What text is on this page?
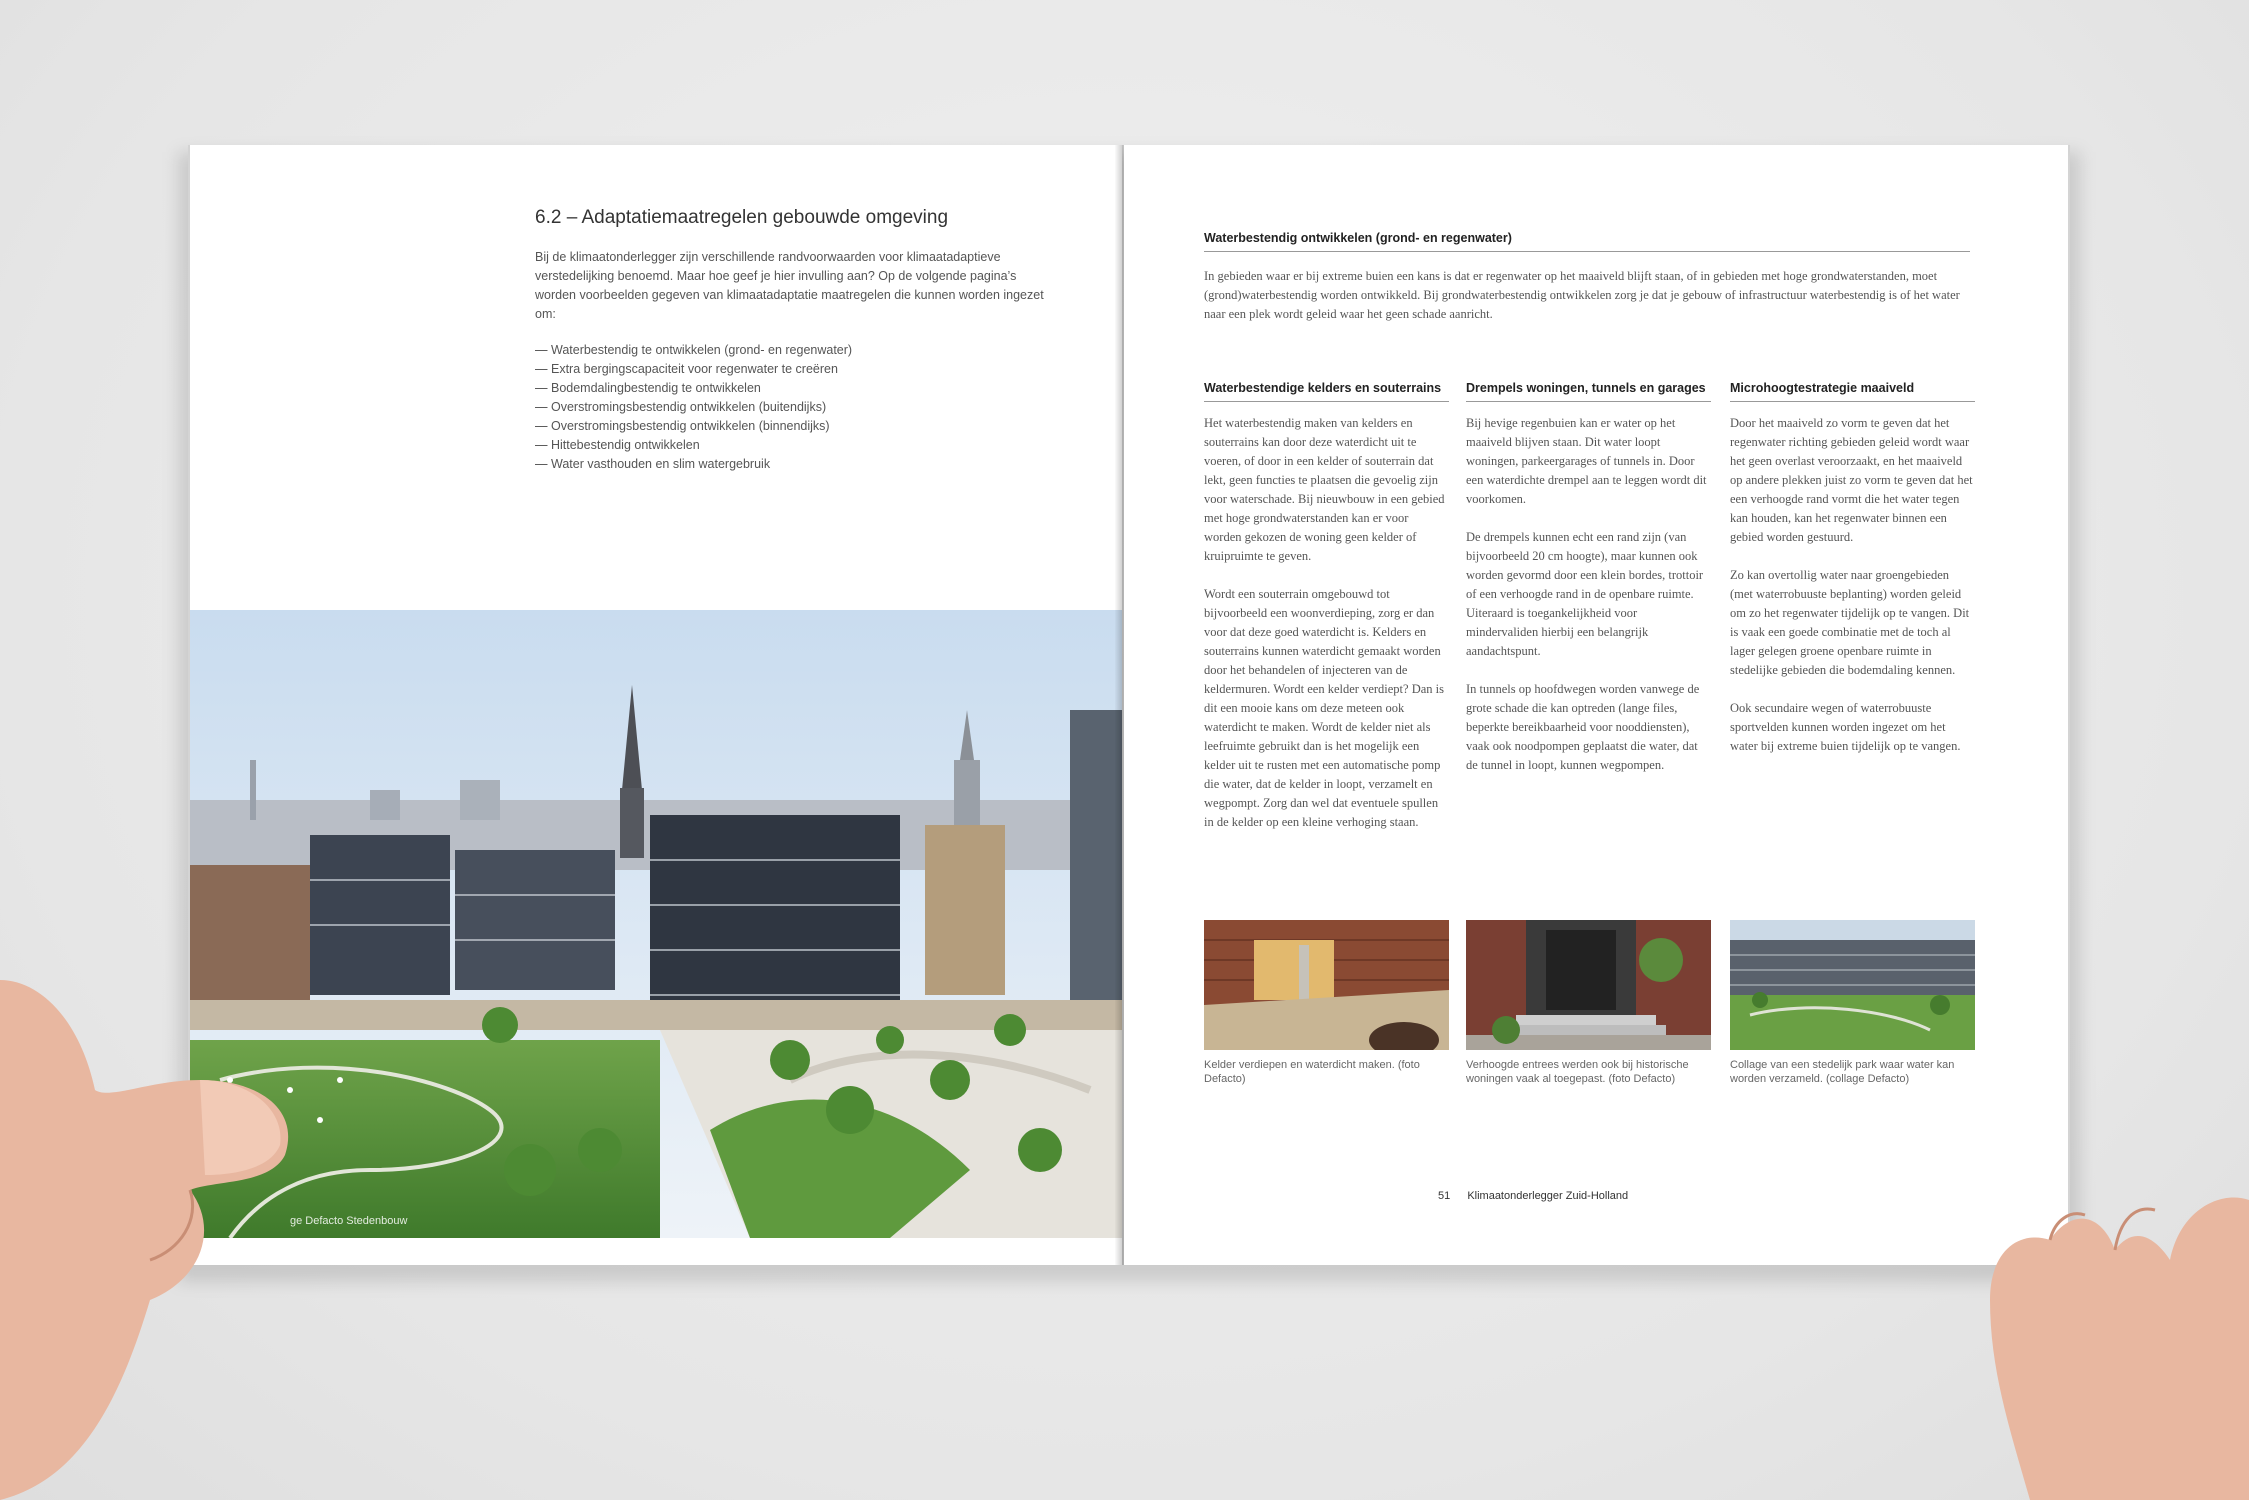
6.2 – Adaptatiemaatregelen gebouwde omgeving
Bij de klimaatonderlegger zijn verschillende randvoorwaarden voor klimaatadaptieve verstedelijking benoemd. Maar hoe geef je hier invulling aan? Op de volgende pagina’s worden voorbeelden gegeven van klimaatadaptatie maatregelen die kunnen worden ingezet om:
— Waterbestendig te ontwikkelen (grond- en regenwater)
— Extra bergingscapaciteit voor regenwater te creëren
— Bodemdalingbestendig te ontwikkelen
— Overstromingsbestendig ontwikkelen (buitendijks)
— Overstromingsbestendig ontwikkelen (binnendijks)
— Hittebestendig ontwikkelen
— Water vasthouden en slim watergebruik
ge Defacto Stedenbouw
Waterbestendig ontwikkelen (grond- en regenwater)
In gebieden waar er bij extreme buien een kans is dat er regenwater op het maaiveld blijft staan, of in gebieden met hoge grondwaterstanden, moet (grond)waterbestendig worden ontwikkeld. Bij grondwaterbestendig ontwikkelen zorg je dat je gebouw of infrastructuur waterbestendig is of het water naar een plek wordt geleid waar het geen schade aanricht.
Waterbestendige kelders en souterrains

Het waterbestendig maken van kelders en souterrains kan door deze waterdicht uit te voeren, of door in een kelder of souterrain dat lekt, geen functies te plaatsen die gevoelig zijn voor waterschade. Bij nieuwbouw in een gebied met hoge grondwaterstanden kan er voor worden gekozen de woning geen kelder of kruipruimte te geven.

Wordt een souterrain omgebouwd tot bijvoorbeeld een woonverdieping, zorg er dan voor dat deze goed waterdicht is. Kelders en souterrains kunnen waterdicht gemaakt worden door het behandelen of injecteren van de keldermuren. Wordt een kelder verdiept? Dan is dit een mooie kans om deze meteen ook waterdicht te maken. Wordt de kelder niet als leefruimte gebruikt dan is het mogelijk een kelder uit te rusten met een automatische pomp die water, dat de kelder in loopt, verzamelt en wegpompt. Zorg dan wel dat eventuele spullen in de kelder op een kleine verhoging staan.

Drempels woningen, tunnels en garages

Bij hevige regenbuien kan er water op het maaiveld blijven staan. Dit water loopt woningen, parkeergarages of tunnels in. Door een waterdichte drempel aan te leggen wordt dit voorkomen.

De drempels kunnen echt een rand zijn (van bijvoorbeeld 20 cm hoogte), maar kunnen ook worden gevormd door een klein bordes, trottoir of een verhoogde rand in de openbare ruimte. Uiteraard is toegankelijkheid voor mindervaliden hierbij een belangrijk aandachtspunt.

In tunnels op hoofdwegen worden vanwege de grote schade die kan optreden (lange files, beperkte bereikbaarheid voor nooddiensten), vaak ook noodpompen geplaatst die water, dat de tunnel in loopt, kunnen wegpompen.

Microhoogtestrategie maaiveld

Door het maaiveld zo vorm te geven dat het regenwater richting gebieden geleid wordt waar het geen overlast veroorzaakt, en het maaiveld op andere plekken juist zo vorm te geven dat het een verhoogde rand vormt die het water tegen kan houden, kan het regenwater binnen een gebied worden gestuurd.

Zo kan overtollig water naar groengebieden (met waterrobuuste beplanting) worden geleid om zo het regenwater tijdelijk op te vangen. Dit is vaak een goede combinatie met de toch al lager gelegen groene openbare ruimte in stedelijke gebieden die bodemdaling kennen.

Ook secundaire wegen of waterrobuuste sportvelden kunnen worden ingezet om het water bij extreme buien tijdelijk op te vangen.

Kelder verdiepen en waterdicht maken. (foto Defacto)
Verhoogde entrees werden ook bij historische woningen vaak al toegepast. (foto Defacto)
Collage van een stedelijk park waar water kan worden verzameld. (collage Defacto)
51 Klimaatonderlegger Zuid-Holland
